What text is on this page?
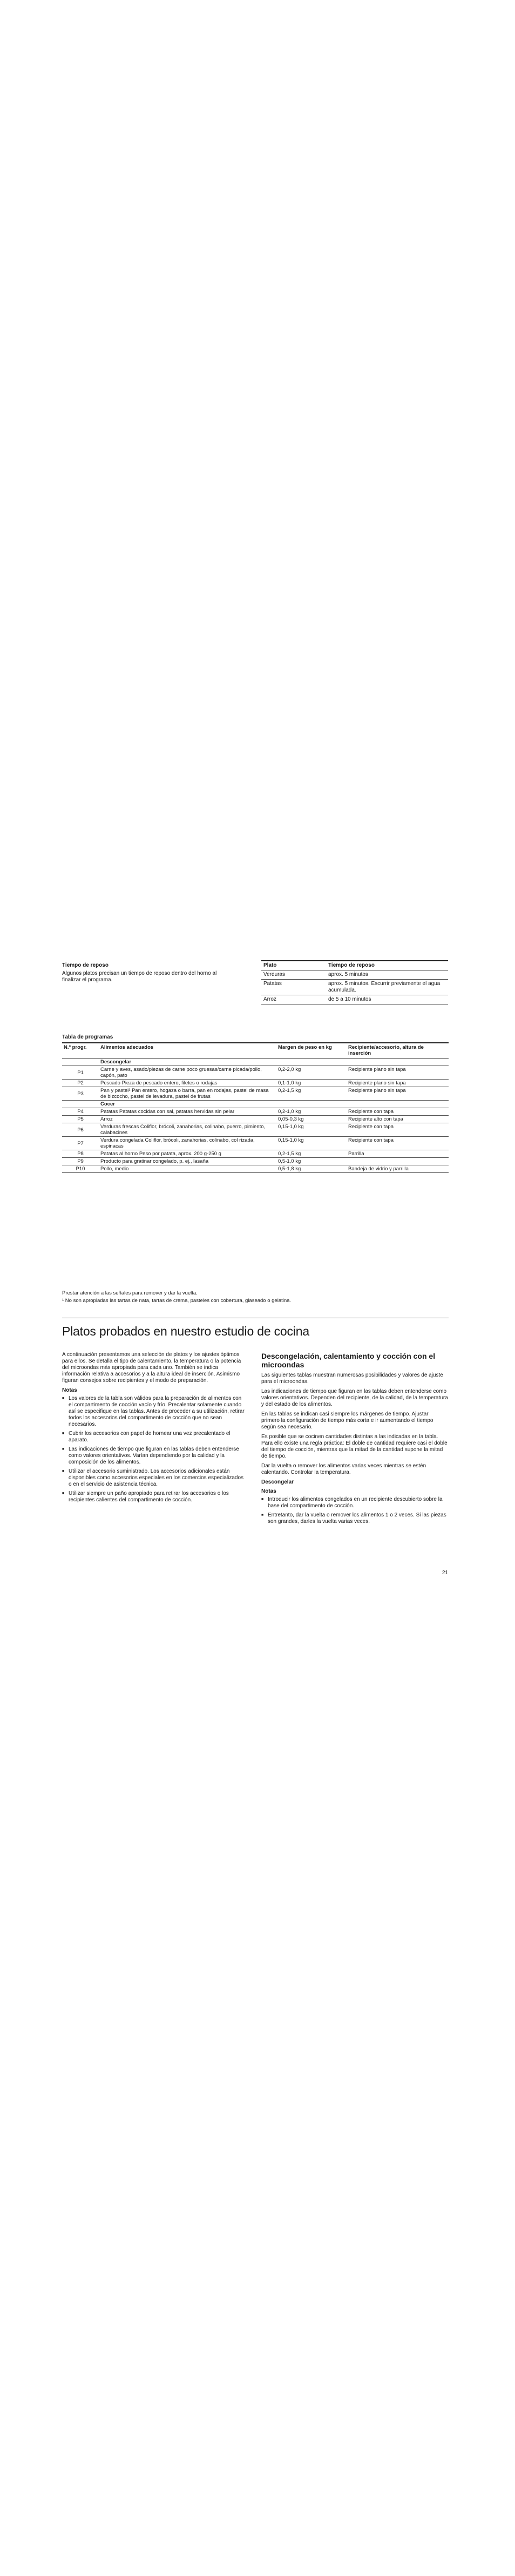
Tiempo de reposo
Algunos platos precisan un tiempo de reposo dentro del horno al finalizar el programa.
Plato	Tiempo de reposo
Verduras	aprox. 5 minutos
Patatas	aprox. 5 minutos. Escurrir previamente el agua acumulada.
Arroz	de 5 a 10 minutos
Tabla de programas
N.º progr.	Alimentos adecuados	Margen de peso en kg	Recipiente/accesorio, altura de inserción
	Descongelar		
P1	Carne y aves, asado/piezas de carne poco gruesas/carne picada/pollo, capón, pato	0,2-2,0 kg	Recipiente plano sin tapa
P2	Pescado Pieza de pescado entero, filetes o rodajas	0,1-1,0 kg	Recipiente plano sin tapa
P3	Pan y pastel¹ Pan entero, hogaza o barra, pan en rodajas, pastel de masa de bizcocho, pastel de levadura, pastel de frutas	0,2-1,5 kg	Recipiente plano sin tapa
	Cocer		
P4	Patatas Patatas cocidas con sal, patatas hervidas sin pelar	0,2-1,0 kg	Recipiente con tapa
P5	Arroz	0,05-0,3 kg	Recipiente alto con tapa
P6	Verduras frescas Coliflor, brócoli, zanahorias, colinabo, puerro, pimiento, calabacines	0,15-1,0 kg	Recipiente con tapa
P7	Verdura congelada Coliflor, brócoli, zanahorias, colinabo, col rizada, espinacas	0,15-1,0 kg	Recipiente con tapa
P8	Patatas al horno Peso por patata, aprox. 200 g-250 g	0,2-1,5 kg	Parrilla
P9	Producto para gratinar congelado, p. ej., lasaña	0,5-1,0 kg	
P10	Pollo, medio	0,5-1,8 kg	Bandeja de vidrio y parrilla
Prestar atención a las señales para remover y dar la vuelta.
¹ No son apropiadas las tartas de nata, tartas de crema, pasteles con cobertura, glaseado o gelatina.
Platos probados en nuestro estudio de cocina

A continuación presentamos una selección de platos y los ajustes óptimos para ellos. Se detalla el tipo de calentamiento, la temperatura o la potencia del microondas más apropiada para cada uno. También se indica información relativa a accesorios y a la altura ideal de inserción. Asimismo figuran consejos sobre recipientes y el modo de preparación.

Notas
■ Los valores de la tabla son válidos para la preparación de alimentos con el compartimento de cocción vacío y frío. Precalentar solamente cuando así se especifique en las tablas. Antes de proceder a su utilización, retirar todos los accesorios del compartimento de cocción que no sean necesarios.
■ Cubrir los accesorios con papel de hornear una vez precalentado el aparato.
■ Las indicaciones de tiempo que figuran en las tablas deben entenderse como valores orientativos. Varían dependiendo por la calidad y la composición de los alimentos.
■ Utilizar el accesorio suministrado. Los accesorios adicionales están disponibles como accesorios especiales en los comercios especializados o en el servicio de asistencia técnica.
■ Utilizar siempre un paño apropiado para retirar los accesorios o los recipientes calientes del compartimento de cocción.
Descongelación, calentamiento y cocción con el microondas

Las siguientes tablas muestran numerosas posibilidades y valores de ajuste para el microondas.

Las indicaciones de tiempo que figuran en las tablas deben entenderse como valores orientativos. Dependen del recipiente, de la calidad, de la temperatura y del estado de los alimentos.

En las tablas se indican casi siempre los márgenes de tiempo. Ajustar primero la configuración de tiempo más corta e ir aumentando el tiempo según sea necesario.

Es posible que se cocinen cantidades distintas a las indicadas en la tabla. Para ello existe una regla práctica: El doble de cantidad requiere casi el doble del tiempo de cocción, mientras que la mitad de la cantidad supone la mitad de tiempo.

Dar la vuelta o remover los alimentos varias veces mientras se estén calentando. Controlar la temperatura.

Descongelar
Notas
■ Introducir los alimentos congelados en un recipiente descubierto sobre la base del compartimento de cocción.
■ Entretanto, dar la vuelta o remover los alimentos 1 o 2 veces. Si las piezas son grandes, darles la vuelta varias veces.
21
